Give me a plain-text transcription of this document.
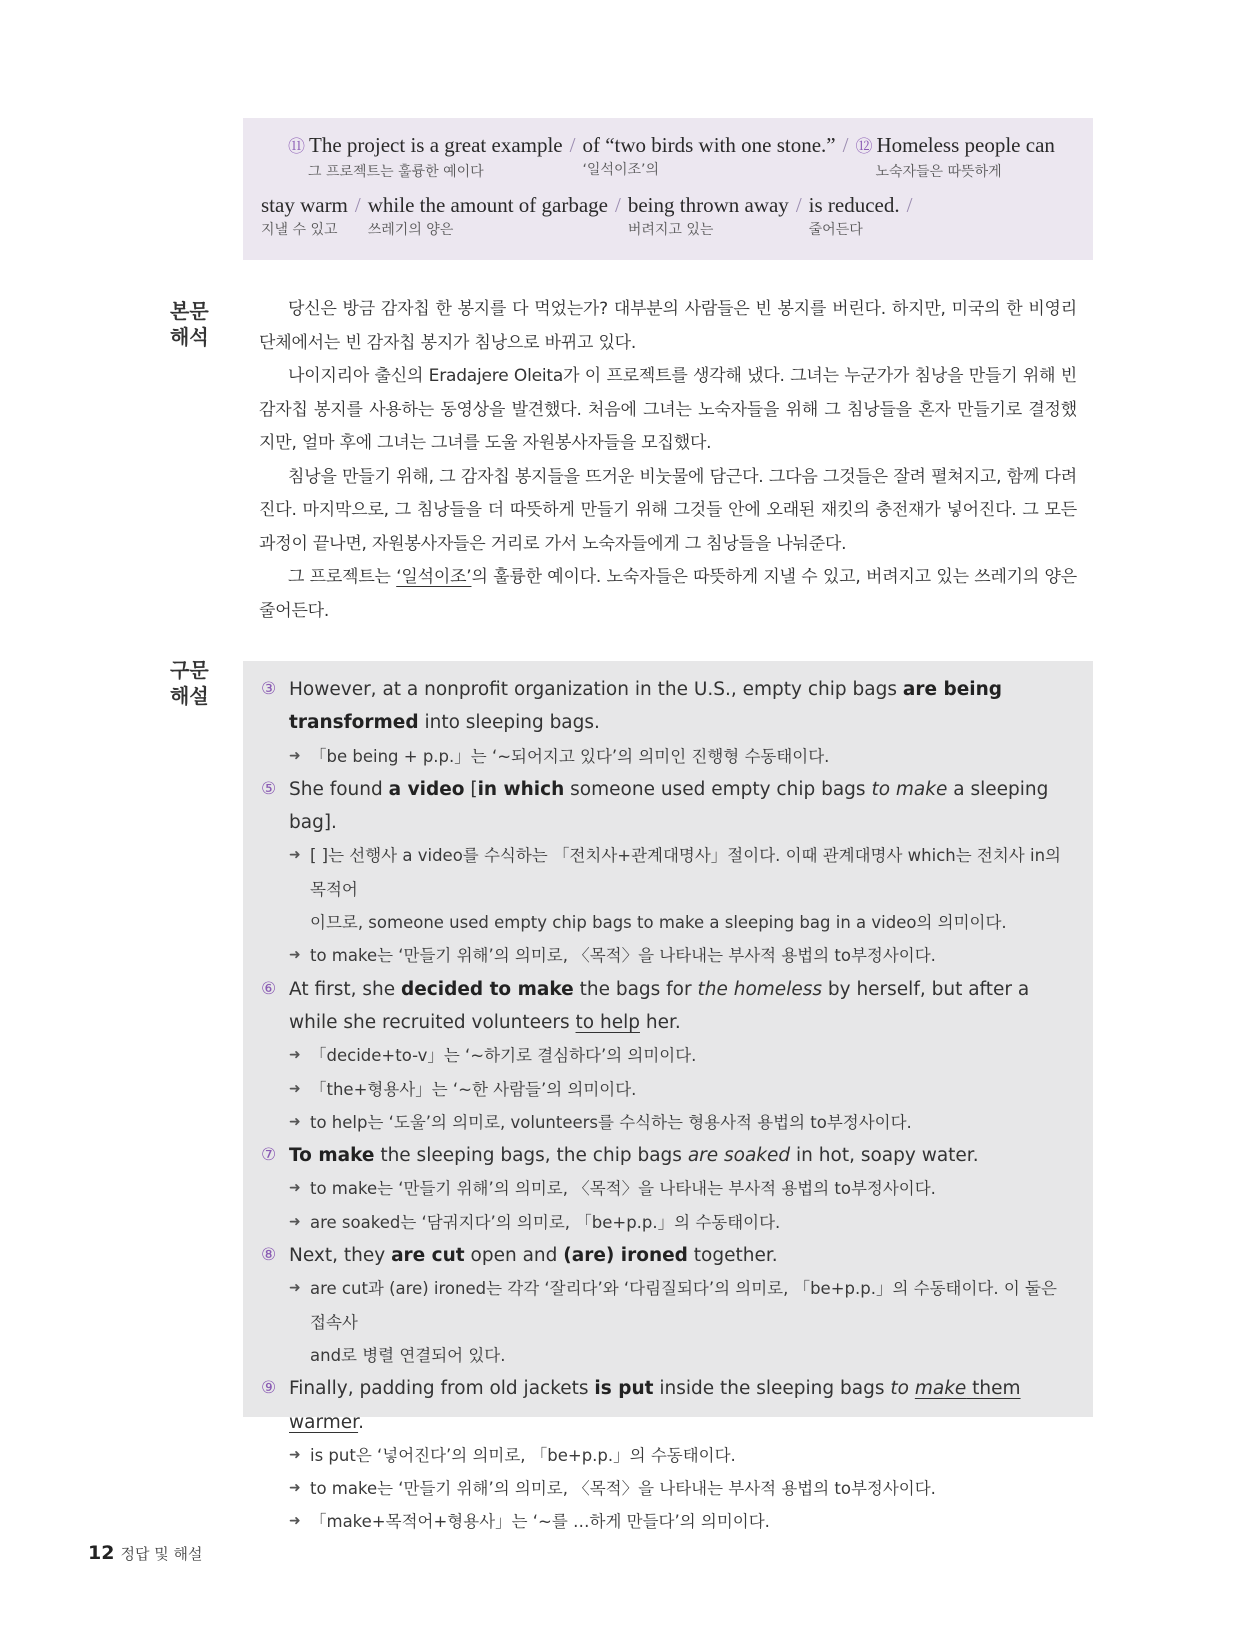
⑪ The project is a great example
그 프로젝트는 훌륭한 예이다
/ of “two birds with one stone.”
‘일석이조’의
/ ⑫ Homeless people can
노숙자들은 따뜻하게
stay warm
지낼 수 있고
/ while the amount of garbage
쓰레기의 양은
/ being thrown away
버려지고 있는
/ is reduced.
줄어든다
/
본문
해석

당신은 방금 감자칩 한 봉지를 다 먹었는가? 대부분의 사람들은 빈 봉지를 버린다. 하지만, 미국의 한 비영리 단체에서는 빈 감자칩 봉지가 침낭으로 바뀌고 있다.

나이지리아 출신의 Eradajere Oleita가 이 프로젝트를 생각해 냈다. 그녀는 누군가가 침낭을 만들기 위해 빈 감자칩 봉지를 사용하는 동영상을 발견했다. 처음에 그녀는 노숙자들을 위해 그 침낭들을 혼자 만들기로 결정했지만, 얼마 후에 그녀는 그녀를 도울 자원봉사자들을 모집했다.

침낭을 만들기 위해, 그 감자칩 봉지들을 뜨거운 비눗물에 담근다. 그다음 그것들은 잘려 펼쳐지고, 함께 다려진다. 마지막으로, 그 침낭들을 더 따뜻하게 만들기 위해 그것들 안에 오래된 재킷의 충전재가 넣어진다. 그 모든 과정이 끝나면, 자원봉사자들은 거리로 가서 노숙자들에게 그 침낭들을 나눠준다.

그 프로젝트는 ‘일석이조’의 훌륭한 예이다. 노숙자들은 따뜻하게 지낼 수 있고, 버려지고 있는 쓰레기의 양은 줄어든다.

구문
해설	③ However, at a nonprofit organization in the U.S., empty chip bags are being transformed into sleeping bags.
➜ 「be being + p.p.」는 ‘~되어지고 있다’의 의미인 진행형 수동태이다.
⑤ She found a video [in which someone used empty chip bags to make a sleeping bag].
➜ [ ]는 선행사 a video를 수식하는 「전치사+관계대명사」절이다. 이때 관계대명사 which는 전치사 in의 목적어
이므로, someone used empty chip bags to make a sleeping bag in a video의 의미이다.
➜ to make는 ‘만들기 위해’의 의미로, 〈목적〉을 나타내는 부사적 용법의 to부정사이다.
⑥ At first, she decided to make the bags for the homeless by herself, but after a while she recruited volunteers to help her.
➜ 「decide+to-v」는 ‘~하기로 결심하다’의 의미이다.
➜ 「the+형용사」는 ‘~한 사람들’의 의미이다.
➜ to help는 ‘도울’의 의미로, volunteers를 수식하는 형용사적 용법의 to부정사이다.
⑦ To make the sleeping bags, the chip bags are soaked in hot, soapy water.
➜ to make는 ‘만들기 위해’의 의미로, 〈목적〉을 나타내는 부사적 용법의 to부정사이다.
➜ are soaked는 ‘담궈지다’의 의미로, 「be+p.p.」의 수동태이다.
⑧ Next, they are cut open and (are) ironed together.
➜ are cut과 (are) ironed는 각각 ‘잘리다’와 ‘다림질되다’의 의미로, 「be+p.p.」의 수동태이다. 이 둘은 접속사
and로 병렬 연결되어 있다.
⑨ Finally, padding from old jackets is put inside the sleeping bags to make them warmer.
➜ is put은 ‘넣어진다’의 의미로, 「be+p.p.」의 수동태이다.
➜ to make는 ‘만들기 위해’의 의미로, 〈목적〉을 나타내는 부사적 용법의 to부정사이다.
➜ 「make+목적어+형용사」는 ‘~를 …하게 만들다’의 의미이다.
12 정답 및 해설
